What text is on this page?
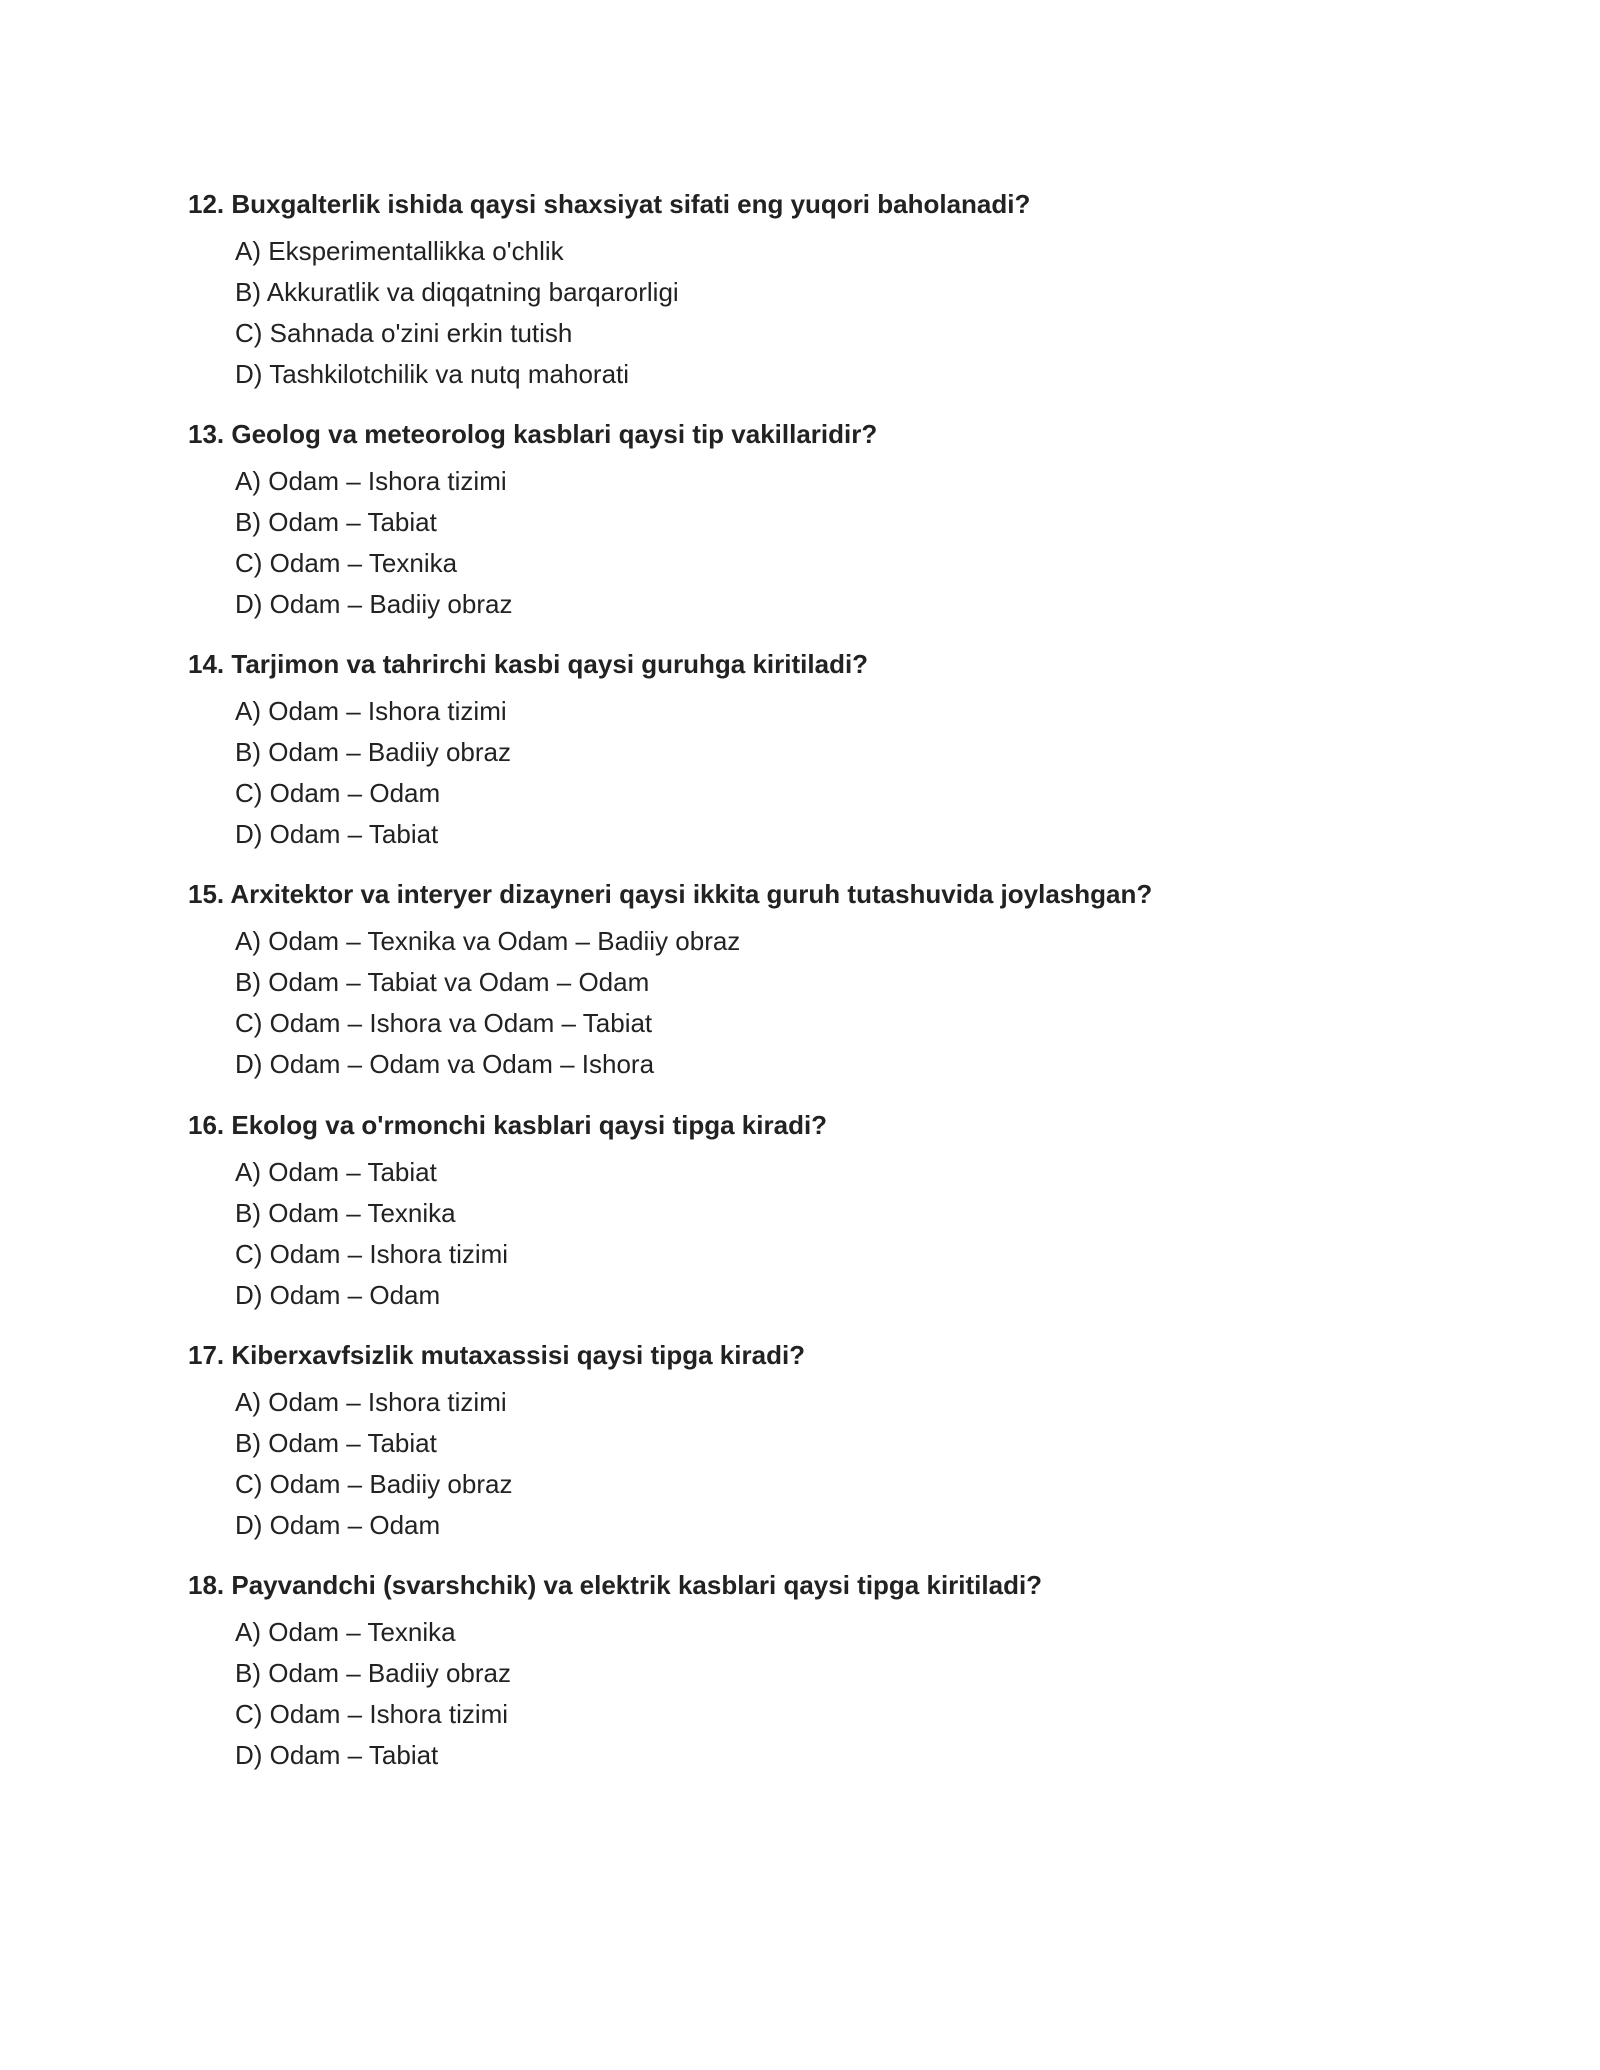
12. Buxgalterlik ishida qaysi shaxsiyat sifati eng yuqori baholanadi?

A) Eksperimentallikka o'chlik
B) Akkuratlik va diqqatning barqarorligi
C) Sahnada o'zini erkin tutish
D) Tashkilotchilik va nutq mahorati

13. Geolog va meteorolog kasblari qaysi tip vakillaridir?

A) Odam – Ishora tizimi
B) Odam – Tabiat
C) Odam – Texnika
D) Odam – Badiiy obraz

14. Tarjimon va tahrirchi kasbi qaysi guruhga kiritiladi?

A) Odam – Ishora tizimi
B) Odam – Badiiy obraz
C) Odam – Odam
D) Odam – Tabiat

15. Arxitektor va interyer dizayneri qaysi ikkita guruh tutashuvida joylashgan?

A) Odam – Texnika va Odam – Badiiy obraz
B) Odam – Tabiat va Odam – Odam
C) Odam – Ishora va Odam – Tabiat
D) Odam – Odam va Odam – Ishora

16. Ekolog va o'rmonchi kasblari qaysi tipga kiradi?

A) Odam – Tabiat
B) Odam – Texnika
C) Odam – Ishora tizimi
D) Odam – Odam

17. Kiberxavfsizlik mutaxassisi qaysi tipga kiradi?

A) Odam – Ishora tizimi
B) Odam – Tabiat
C) Odam – Badiiy obraz
D) Odam – Odam

18. Payvandchi (svarshchik) va elektrik kasblari qaysi tipga kiritiladi?

A) Odam – Texnika
B) Odam – Badiiy obraz
C) Odam – Ishora tizimi
D) Odam – Tabiat
